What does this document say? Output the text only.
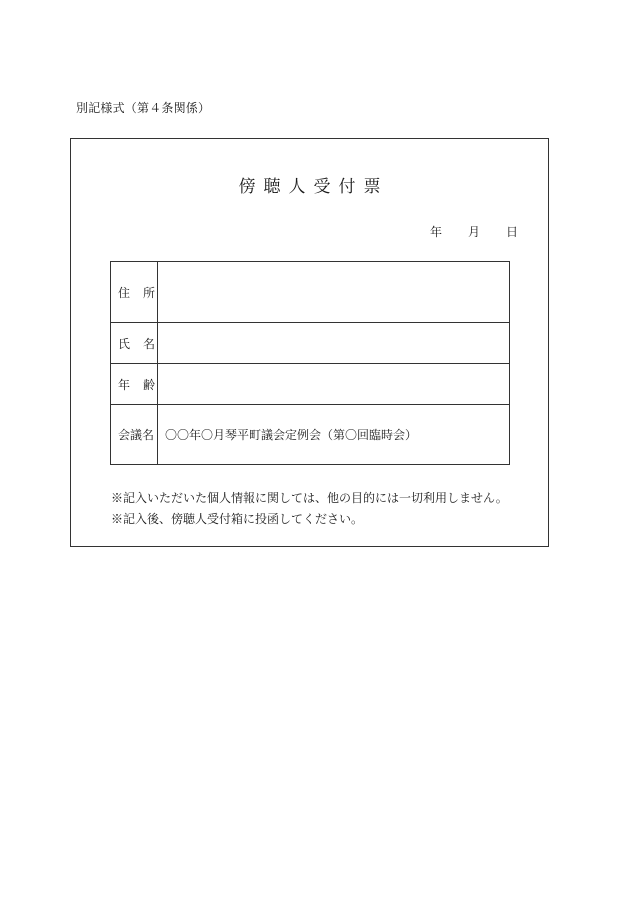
別記様式（第４条関係）
傍聴人受付票
年 月 日
住所	
氏名	
年齢	
会議名	〇〇年〇月琴平町議会定例会（第〇回臨時会）
※記入いただいた個人情報に関しては、他の目的には一切利用しません。
※記入後、傍聴人受付箱に投函してください。
